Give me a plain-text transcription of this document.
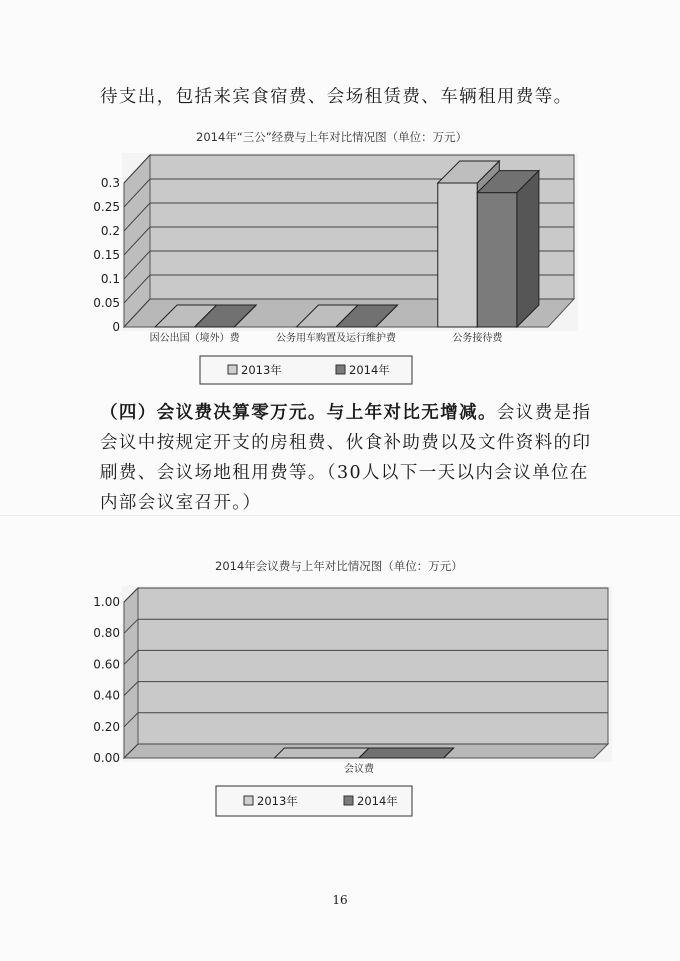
待支出，包括来宾食宿费、会场租赁费、车辆租用费等。
2014年“三公”经费与上年对比情况图（单位：万元）
0
0.05
0.1
0.15
0.2
0.25
0.3
因公出国（境外）费	公务用车购置及运行维护费	公务接待费
2013年	2014年
（四）会议费决算零万元。与上年对比无增减。会议费是指会议中按规定开支的房租费、伙食补助费以及文件资料的印刷费、会议场地租用费等。（30人以下一天以内会议单位在内部会议室召开。）
2014年会议费与上年对比情况图（单位：万元）
0.00
0.20
0.40
0.60
0.80
1.00
会议费
2013年	2014年
16
